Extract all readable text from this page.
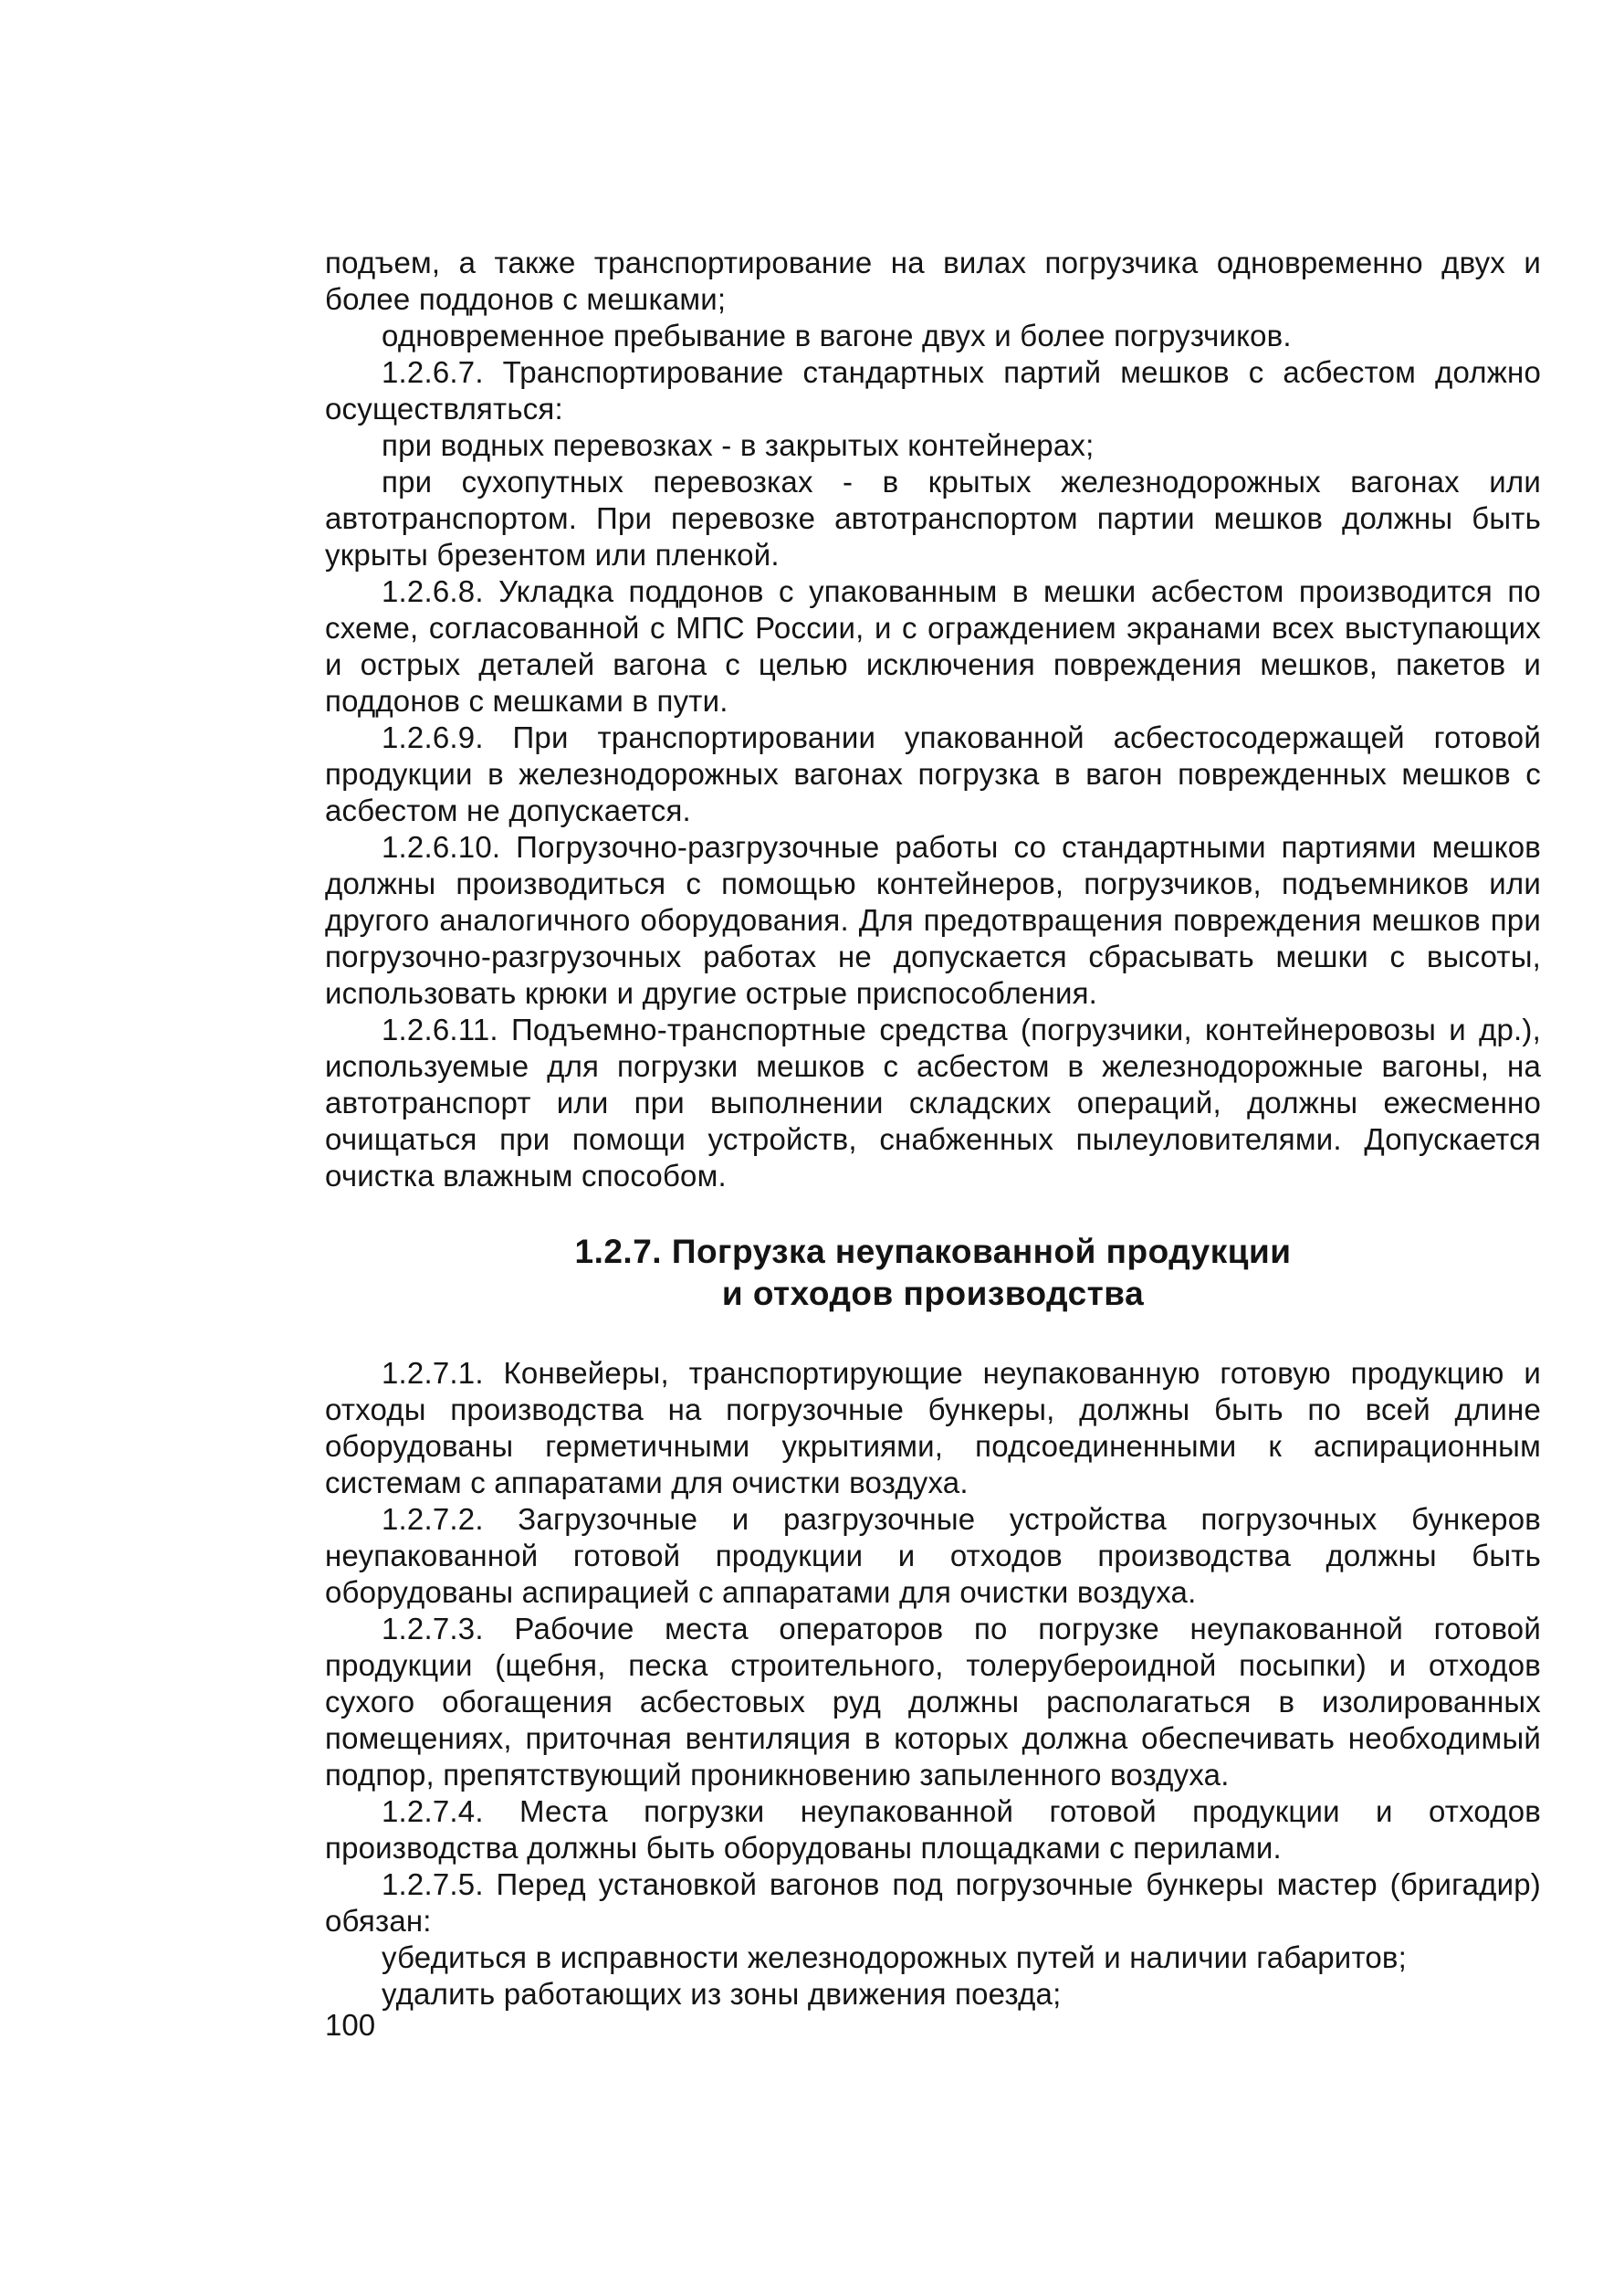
подъем, а также транспортирование на вилах погрузчика одновременно двух и более поддонов с мешками;

одновременное пребывание в вагоне двух и более погрузчиков.

1.2.6.7. Транспортирование стандартных партий мешков с асбестом должно осуществляться:

при водных перевозках - в закрытых контейнерах;

при сухопутных перевозках - в крытых железнодорожных вагонах или автотранспортом. При перевозке автотранспортом партии мешков должны быть укрыты брезентом или пленкой.

1.2.6.8. Укладка поддонов с упакованным в мешки асбестом производится по схеме, согласованной с МПС России, и с ограждением экранами всех выступающих и острых деталей вагона с целью исключения повреждения мешков, пакетов и поддонов с мешками в пути.

1.2.6.9. При транспортировании упакованной асбестосодержащей готовой продукции в железнодорожных вагонах погрузка в вагон поврежденных мешков с асбестом не допускается.

1.2.6.10. Погрузочно-разгрузочные работы со стандартными партиями мешков должны производиться с помощью контейнеров, погрузчиков, подъемников или другого аналогичного оборудования. Для предотвращения повреждения мешков при погрузочно-разгрузочных работах не допускается сбрасывать мешки с высоты, использовать крюки и другие острые приспособления.

1.2.6.11. Подъемно-транспортные средства (погрузчики, контейнеровозы и др.), используемые для погрузки мешков с асбестом в железнодорожные вагоны, на автотранспорт или при выполнении складских операций, должны ежесменно очищаться при помощи устройств, снабженных пылеуловителями. Допускается очистка влажным способом.

1.2.7. Погрузка неупакованной продукции
и отходов производства

1.2.7.1. Конвейеры, транспортирующие неупакованную готовую продукцию и отходы производства на погрузочные бункеры, должны быть по всей длине оборудованы герметичными укрытиями, подсоединенными к аспирационным системам с аппаратами для очистки воздуха.

1.2.7.2. Загрузочные и разгрузочные устройства погрузочных бункеров неупакованной готовой продукции и отходов производства должны быть оборудованы аспирацией с аппаратами для очистки воздуха.

1.2.7.3. Рабочие места операторов по погрузке неупакованной готовой продукции (щебня, песка строительного, толерубероидной посыпки) и отходов сухого обогащения асбестовых руд должны располагаться в изолированных помещениях, приточная вентиляция в которых должна обеспечивать необходимый подпор, препятствующий проникновению запыленного воздуха.

1.2.7.4. Места погрузки неупакованной готовой продукции и отходов производства должны быть оборудованы площадками с перилами.

1.2.7.5. Перед установкой вагонов под погрузочные бункеры мастер (бригадир) обязан:

убедиться в исправности железнодорожных путей и наличии габаритов;

удалить работающих из зоны движения поезда;

100
